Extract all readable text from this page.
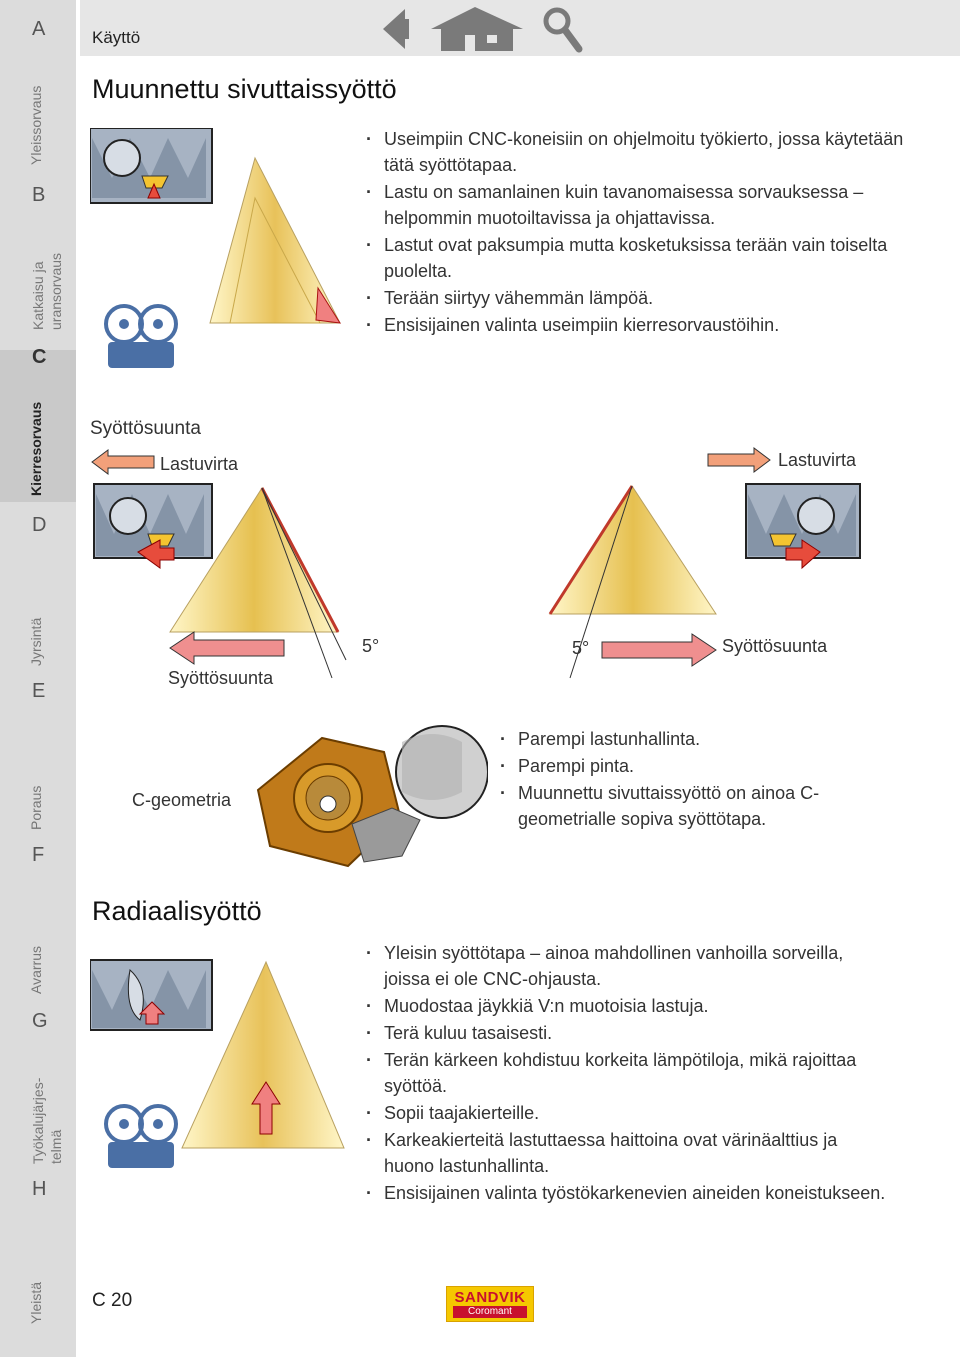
A
Yleissorvaus
B
Katkaisu ja uransorvaus
C
Kierresorvaus
D
Jyrsintä
E
Poraus
F
Avarrus
G
Työkalujärjes- telmä
H
Yleistä
Käyttö
Muunnettu sivuttaissyöttö
· Useimpiin CNC-koneisiin on ohjelmoitu työkierto, jossa käytetään tätä syöttötapaa.
· Lastu on samanlainen kuin tavanomaisessa sorvauksessa – helpommin muotoiltavissa ja ohjattavissa.
· Lastut ovat paksumpia mutta kosketuksissa terään vain toiselta puolelta.
· Terään siirtyy vähemmän lämpöä.
· Ensisijainen valinta useimpiin kierresorvaustöihin.
Syöttösuunta
Lastuvirta	Lastuvirta
Syöttösuunta
5°	5°	Syöttösuunta
C-geometria
· Parempi lastunhallinta.
· Parempi pinta.
· Muunnettu sivuttaissyöttö on ainoa C-geometrialle sopiva syöttötapa.
Radiaalisyöttö
· Yleisin syöttötapa – ainoa mahdollinen vanhoilla sorveilla, joissa ei ole CNC-ohjausta.
· Muodostaa jäykkiä V:n muotoisia lastuja.
· Terä kuluu tasaisesti.
· Terän kärkeen kohdistuu korkeita lämpötiloja, mikä rajoittaa syöttöä.
· Sopii taajakierteille.
· Karkeakierteitä lastuttaessa haittoina ovat värinäalttius ja huono lastunhallinta.
· Ensisijainen valinta työstökarkenevien aineiden koneistukseen.
C 20	SANDVIK
Coromant
